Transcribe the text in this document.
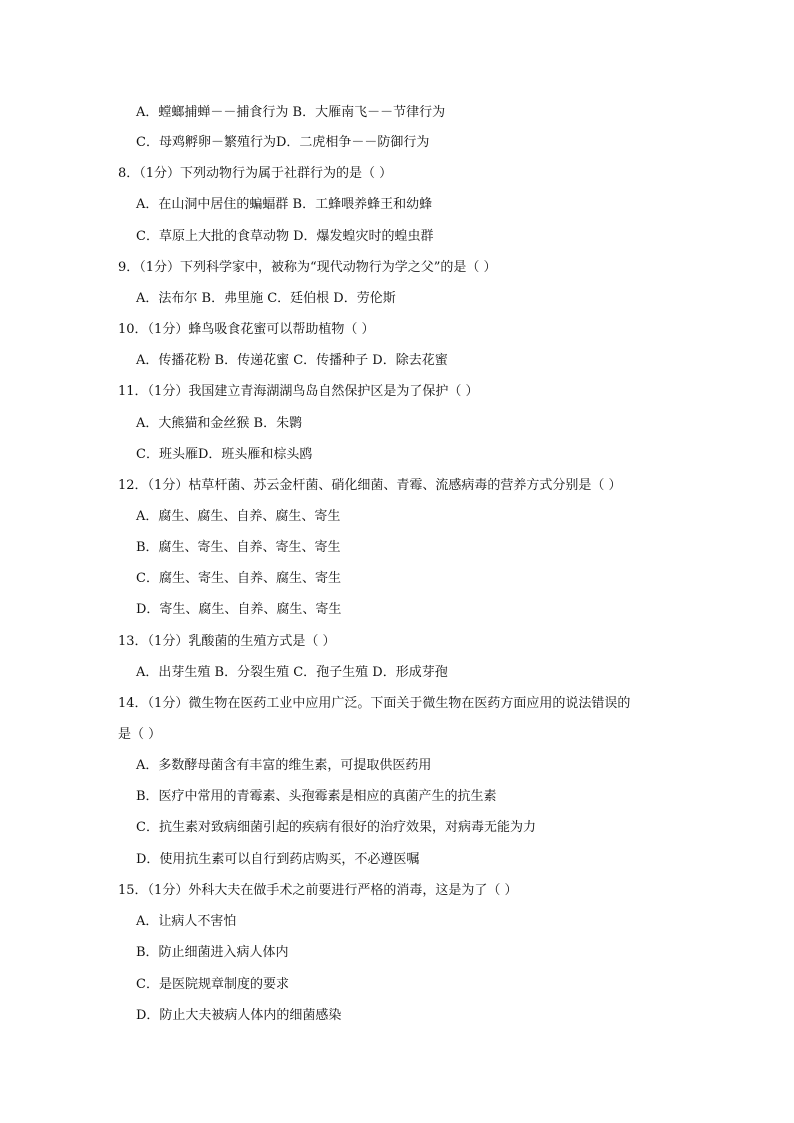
A．螳螂捕蝉－－捕食行为 B．大雁南飞－－节律行为
C．母鸡孵卵－繁殖行为D．二虎相争－－防御行为
8．（1分）下列动物行为属于社群行为的是（ ）
A．在山洞中居住的蝙蝠群 B．工蜂喂养蜂王和幼蜂
C．草原上大批的食草动物 D．爆发蝗灾时的蝗虫群
9．（1分）下列科学家中，被称为“现代动物行为学之父”的是（ ）
A．法布尔 B．弗里施 C．廷伯根 D．劳伦斯
10．（1分）蜂鸟吸食花蜜可以帮助植物（ ）
A．传播花粉 B．传递花蜜 C．传播种子 D．除去花蜜
11．（1分）我国建立青海湖湖鸟岛自然保护区是为了保护（ ）
A．大熊猫和金丝猴 B．朱鹮
C．班头雁D．班头雁和棕头鸥
12．（1分）枯草杆菌、苏云金杆菌、硝化细菌、青霉、流感病毒的营养方式分别是（ ）
A．腐生、腐生、自养、腐生、寄生
B．腐生、寄生、自养、寄生、寄生
C．腐生、寄生、自养、腐生、寄生
D．寄生、腐生、自养、腐生、寄生
13．（1分）乳酸菌的生殖方式是（ ）
A．出芽生殖 B．分裂生殖 C．孢子生殖 D．形成芽孢
14．（1分）微生物在医药工业中应用广泛。下面关于微生物在医药方面应用的说法错误的
是（ ）
A．多数酵母菌含有丰富的维生素，可提取供医药用
B．医疗中常用的青霉素、头孢霉素是相应的真菌产生的抗生素
C．抗生素对致病细菌引起的疾病有很好的治疗效果，对病毒无能为力
D．使用抗生素可以自行到药店购买，不必遵医嘱
15．（1分）外科大夫在做手术之前要进行严格的消毒，这是为了（ ）
A．让病人不害怕
B．防止细菌进入病人体内
C．是医院规章制度的要求
D．防止大夫被病人体内的细菌感染
